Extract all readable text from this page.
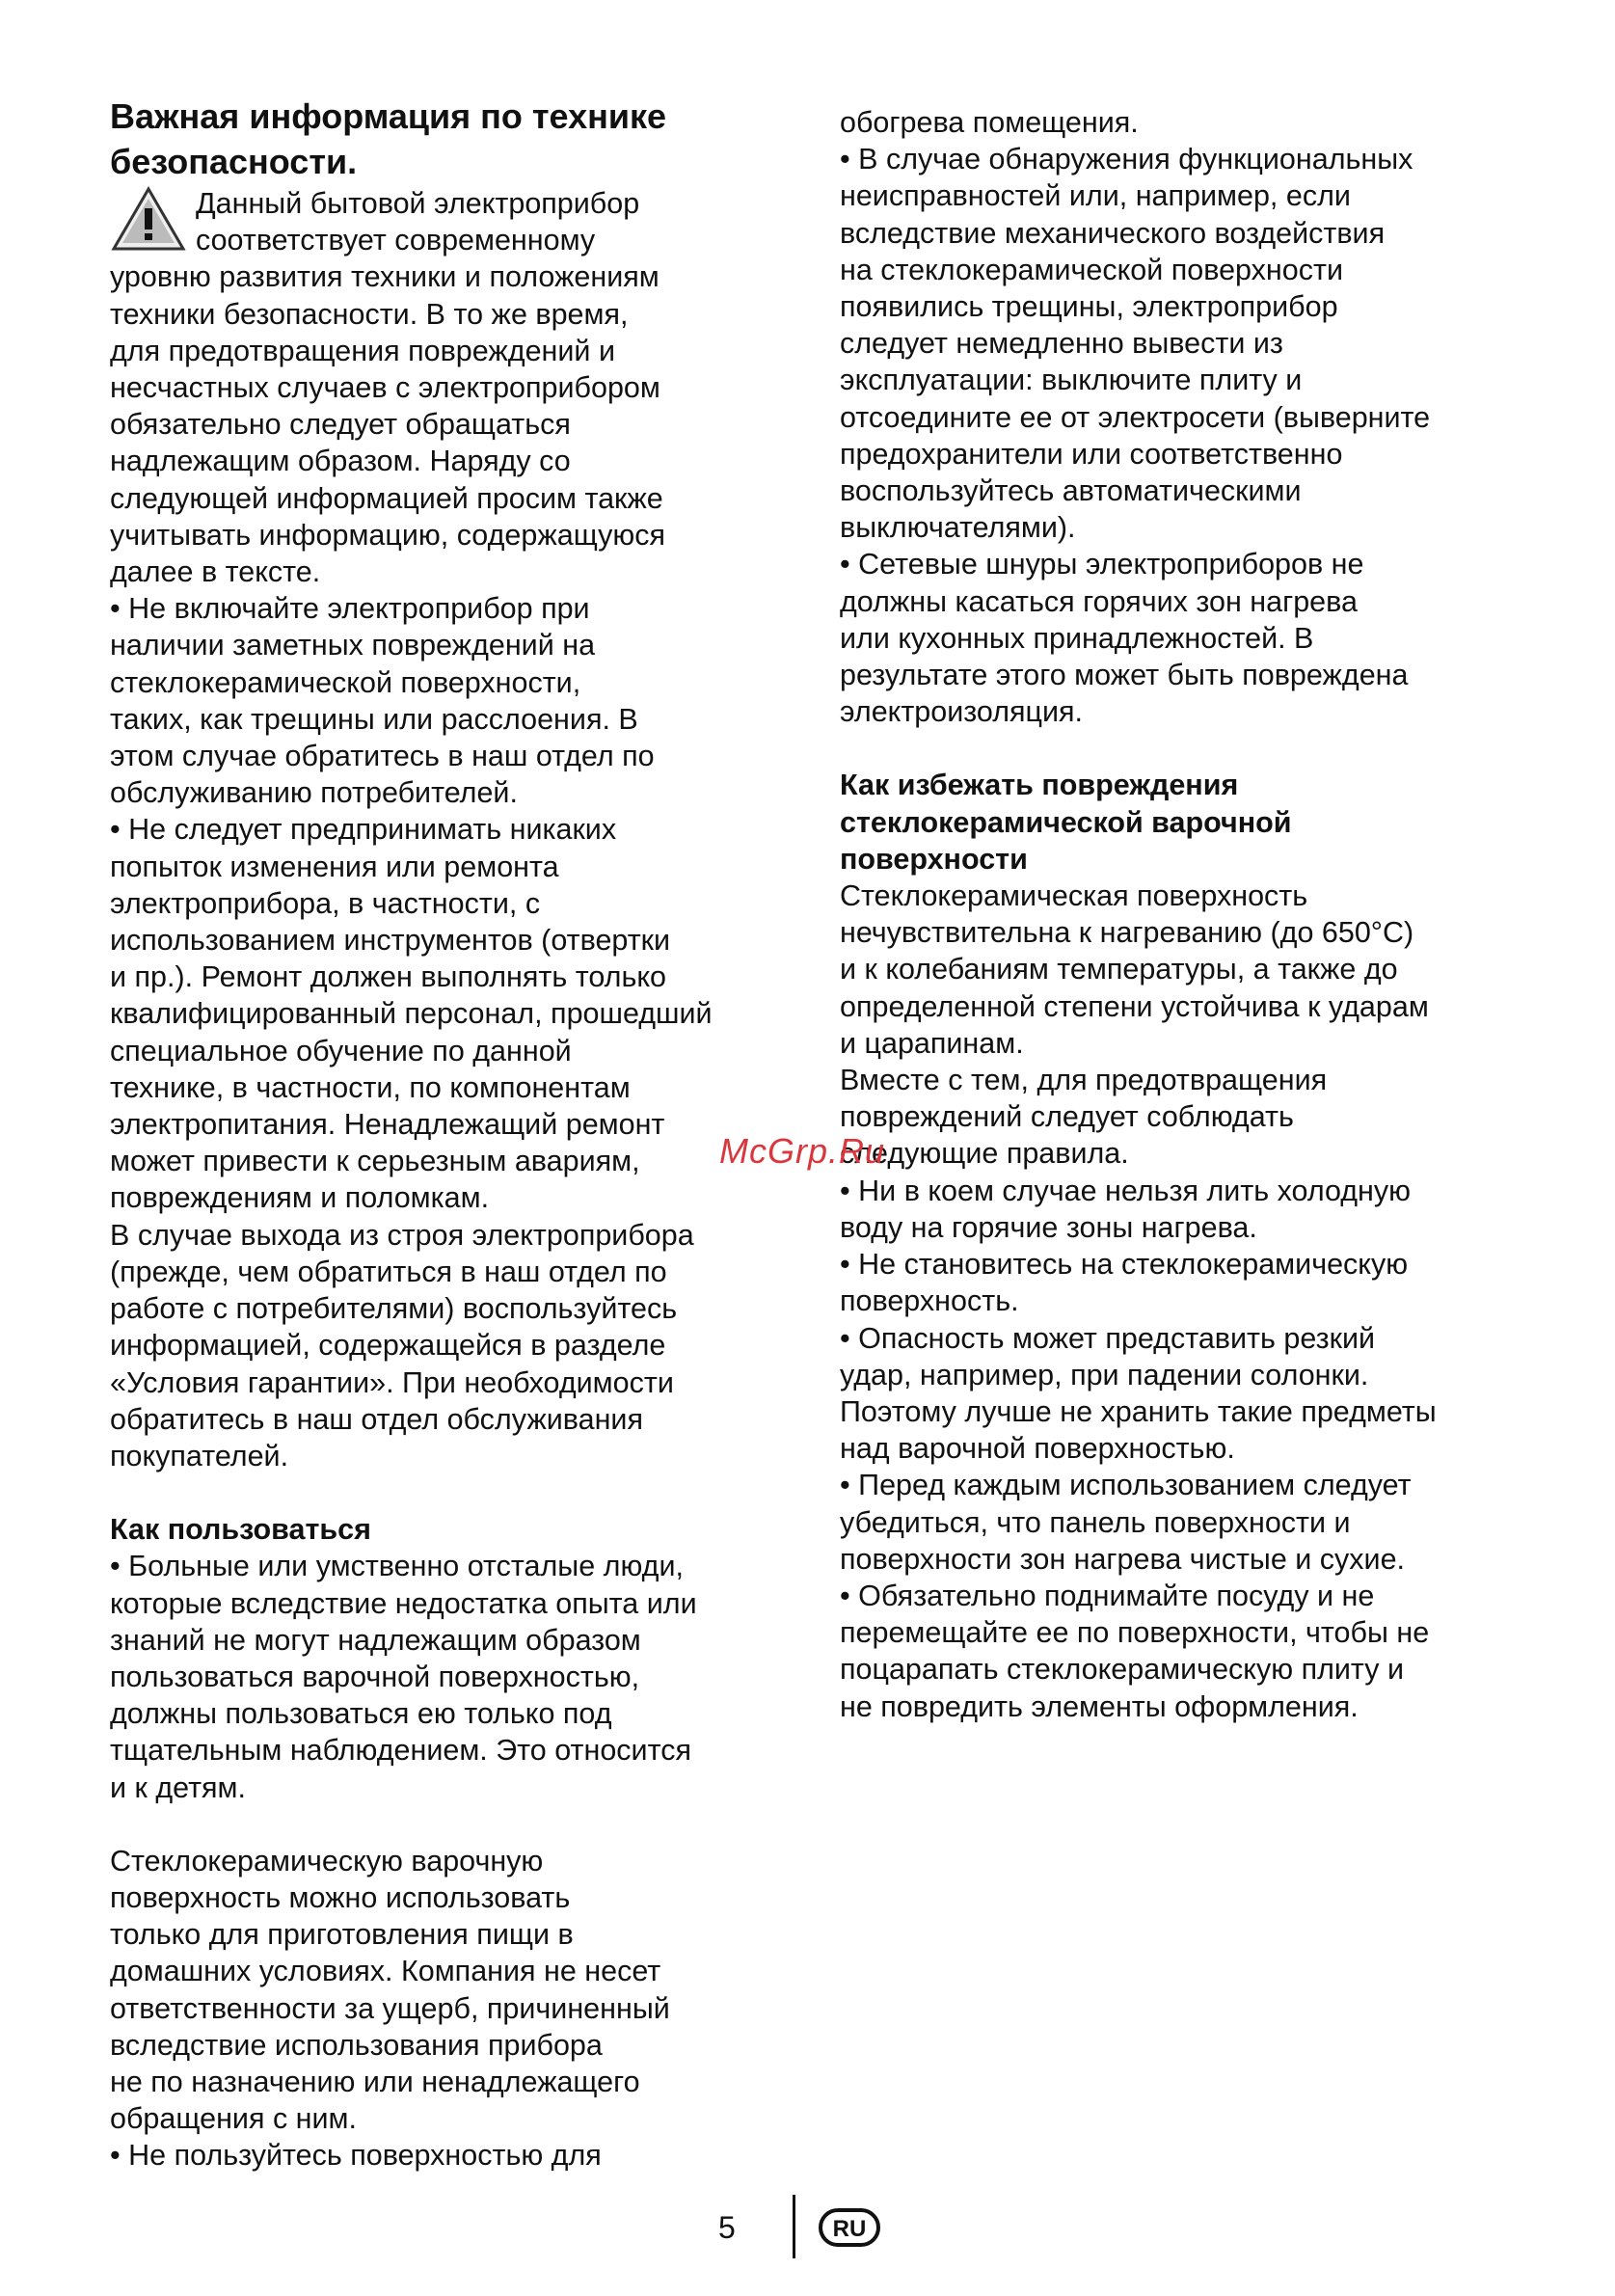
Важная информация по технике

безопасности.

Данный бытовой электроприбор

соответствует современному

уровню развития техники и положениям

техники безопасности. В то же время,

для предотвращения повреждений и

несчастных случаев с электроприбором

обязательно следует обращаться

надлежащим образом. Наряду со

следующей информацией просим также

учитывать информацию, содержащуюся

далее в тексте.

• Не включайте электроприбор при

наличии заметных повреждений на

стеклокерамической поверхности,

таких, как трещины или расслоения. В

этом случае обратитесь в наш отдел по

обслуживанию потребителей.

• Не следует предпринимать никаких

попыток изменения или ремонта

электроприбора, в частности, с

использованием инструментов (отвертки

и пр.). Ремонт должен выполнять только

квалифицированный персонал, прошедший

специальное обучение по данной

технике, в частности, по компонентам

электропитания. Ненадлежащий ремонт

может привести к серьезным авариям,

повреждениям и поломкам.

В случае выхода из строя электроприбора

(прежде, чем обратиться в наш отдел по

работе с потребителями) воспользуйтесь

информацией, содержащейся в разделе

«Условия гарантии». При необходимости

обратитесь в наш отдел обслуживания

покупателей.

Как пользоваться

• Больные или умственно отсталые люди,

которые вследствие недостатка опыта или

знаний не могут надлежащим образом

пользоваться варочной поверхностью,

должны пользоваться ею только под

тщательным наблюдением. Это относится

и к детям.

Стеклокерамическую варочную

поверхность можно использовать

только для приготовления пищи в

домашних условиях. Компания не несет

ответственности за ущерб, причиненный

вследствие использования прибора

не по назначению или ненадлежащего

обращения с ним.

• Не пользуйтесь поверхностью для

обогрева помещения.

• В случае обнаружения функциональных

неисправностей или, например, если

вследствие механического воздействия

на стеклокерамической поверхности

появились трещины, электроприбор

следует немедленно вывести из

эксплуатации: выключите плиту и

отсоедините ее от электросети (выверните

предохранители или соответственно

воспользуйтесь автоматическими

выключателями).

• Сетевые шнуры электроприборов не

должны касаться горячих зон нагрева

или кухонных принадлежностей. В

результате этого может быть повреждена

электроизоляция.

Как избежать повреждения

стеклокерамической варочной

поверхности

Стеклокерамическая поверхность

нечувствительна к нагреванию (до 650°C)

и к колебаниям температуры, а также до

определенной степени устойчива к ударам

и царапинам.

Вместе с тем, для предотвращения

повреждений следует соблюдать

следующие правила.

• Ни в коем случае нельзя лить холодную

воду на горячие зоны нагрева.

• Не становитесь на стеклокерамическую

поверхность.

• Опасность может представить резкий

удар, например, при падении солонки.

Поэтому лучше не хранить такие предметы

над варочной поверхностью.

• Перед каждым использованием следует

убедиться, что панель поверхности и

поверхности зон нагрева чистые и сухие.

• Обязательно поднимайте посуду и не

перемещайте ее по поверхности, чтобы не

поцарапать стеклокерамическую плиту и

не повредить элементы оформления.

McGrp.Ru
5	RU
